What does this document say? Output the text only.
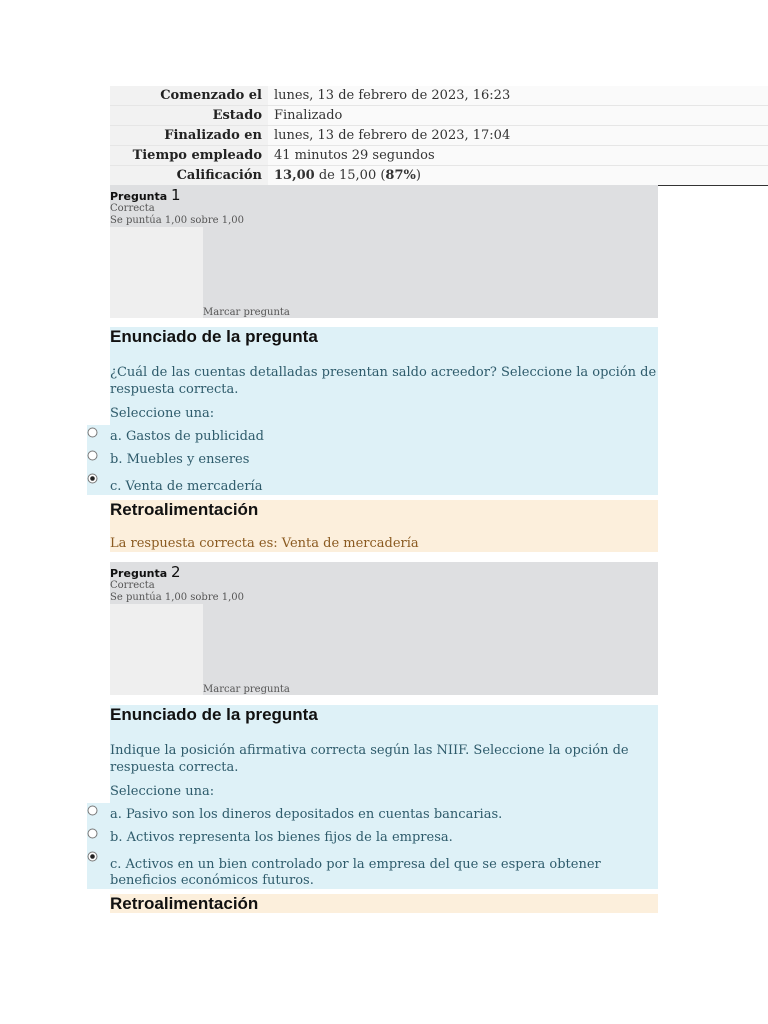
Comenzado el	lunes, 13 de febrero de 2023, 16:23
Estado	Finalizado
Finalizado en	lunes, 13 de febrero de 2023, 17:04
Tiempo empleado	41 minutos 29 segundos
Calificación	13,00 de 15,00 (87%)
Pregunta 1
Correcta
Se puntúa 1,00 sobre 1,00
Marcar pregunta
Enunciado de la pregunta
¿Cuál de las cuentas detalladas presentan saldo acreedor? Seleccione la opción de respuesta correcta.
Seleccione una:
a. Gastos de publicidad
b. Muebles y enseres
c. Venta de mercadería
Retroalimentación
La respuesta correcta es: Venta de mercadería
Pregunta 2
Correcta
Se puntúa 1,00 sobre 1,00
Marcar pregunta
Enunciado de la pregunta
Indique la posición afirmativa correcta según las NIIF. Seleccione la opción de respuesta correcta.
Seleccione una:
a. Pasivo son los dineros depositados en cuentas bancarias.
b. Activos representa los bienes fijos de la empresa.
c. Activos en un bien controlado por la empresa del que se espera obtener beneficios económicos futuros.
Retroalimentación
